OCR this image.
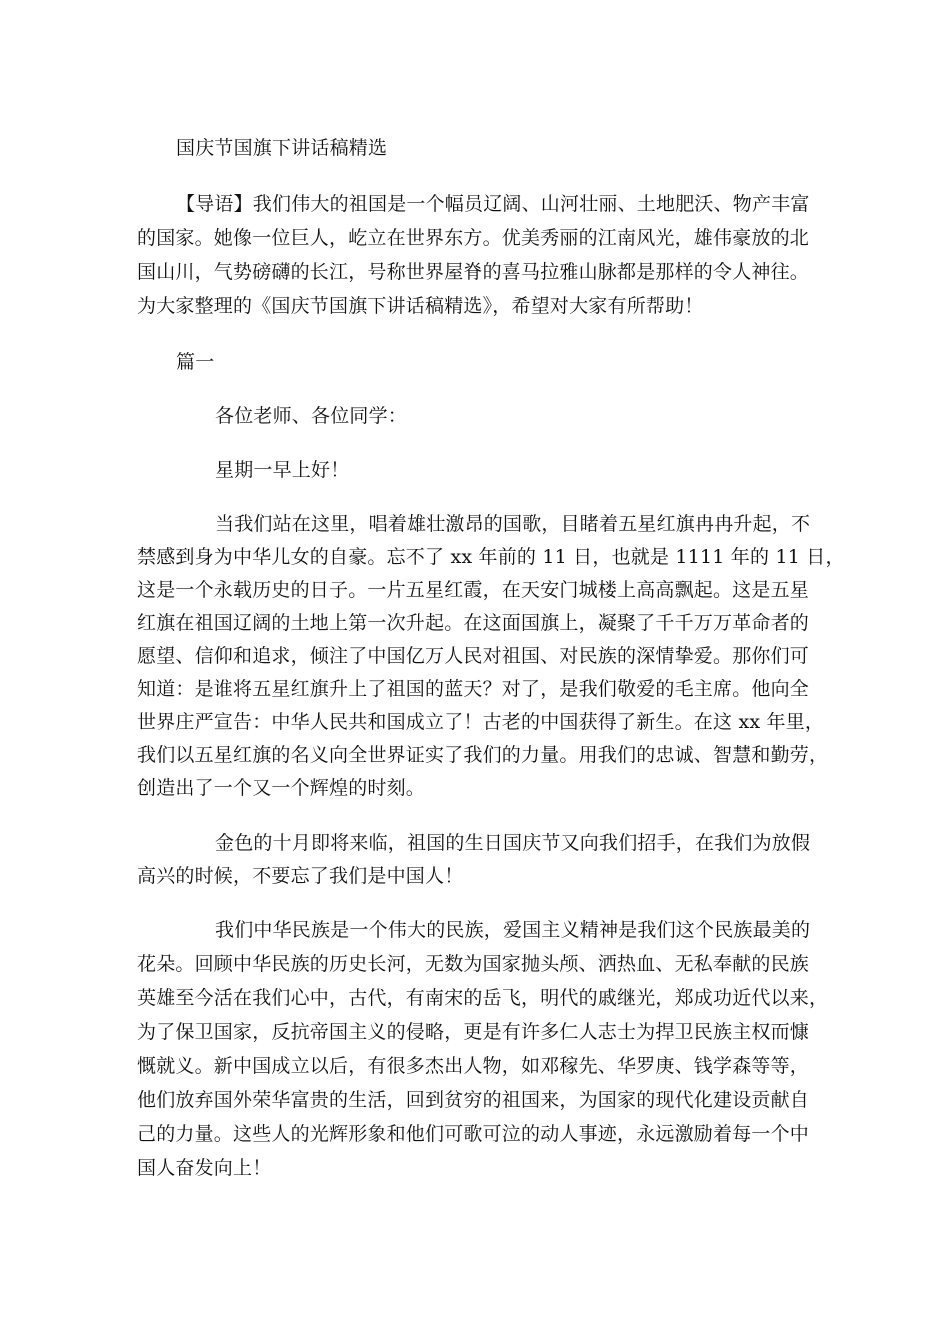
国庆节国旗下讲话稿精选
【导语】我们伟大的祖国是一个幅员辽阔、山河壮丽、土地肥沃、物产丰富
的国家。她像一位巨人，屹立在世界东方。优美秀丽的江南风光，雄伟豪放的北
国山川，气势磅礴的长江，号称世界屋脊的喜马拉雅山脉都是那样的令人神往。
为大家整理的《国庆节国旗下讲话稿精选》，希望对大家有所帮助！
篇一
各位老师、各位同学：
星期一早上好！
当我们站在这里，唱着雄壮激昂的国歌，目睹着五星红旗冉冉升起，不
禁感到身为中华儿女的自豪。忘不了 xx 年前的 11 日，也就是 1111 年的 11 日，
这是一个永载历史的日子。一片五星红霞，在天安门城楼上高高飘起。这是五星
红旗在祖国辽阔的土地上第一次升起。在这面国旗上，凝聚了千千万万革命者的
愿望、信仰和追求，倾注了中国亿万人民对祖国、对民族的深情挚爱。那你们可
知道：是谁将五星红旗升上了祖国的蓝天？对了，是我们敬爱的毛主席。他向全
世界庄严宣告：中华人民共和国成立了！古老的中国获得了新生。在这 xx 年里，
我们以五星红旗的名义向全世界证实了我们的力量。用我们的忠诚、智慧和勤劳，
创造出了一个又一个辉煌的时刻。
金色的十月即将来临，祖国的生日国庆节又向我们招手，在我们为放假
高兴的时候，不要忘了我们是中国人！
我们中华民族是一个伟大的民族，爱国主义精神是我们这个民族最美的
花朵。回顾中华民族的历史长河，无数为国家抛头颅、洒热血、无私奉献的民族
英雄至今活在我们心中，古代，有南宋的岳飞，明代的戚继光，郑成功近代以来，
为了保卫国家，反抗帝国主义的侵略，更是有许多仁人志士为捍卫民族主权而慷
慨就义。新中国成立以后，有很多杰出人物，如邓稼先、华罗庚、钱学森等等，
他们放弃国外荣华富贵的生活，回到贫穷的祖国来，为国家的现代化建设贡献自
己的力量。这些人的光辉形象和他们可歌可泣的动人事迹，永远激励着每一个中
国人奋发向上！
